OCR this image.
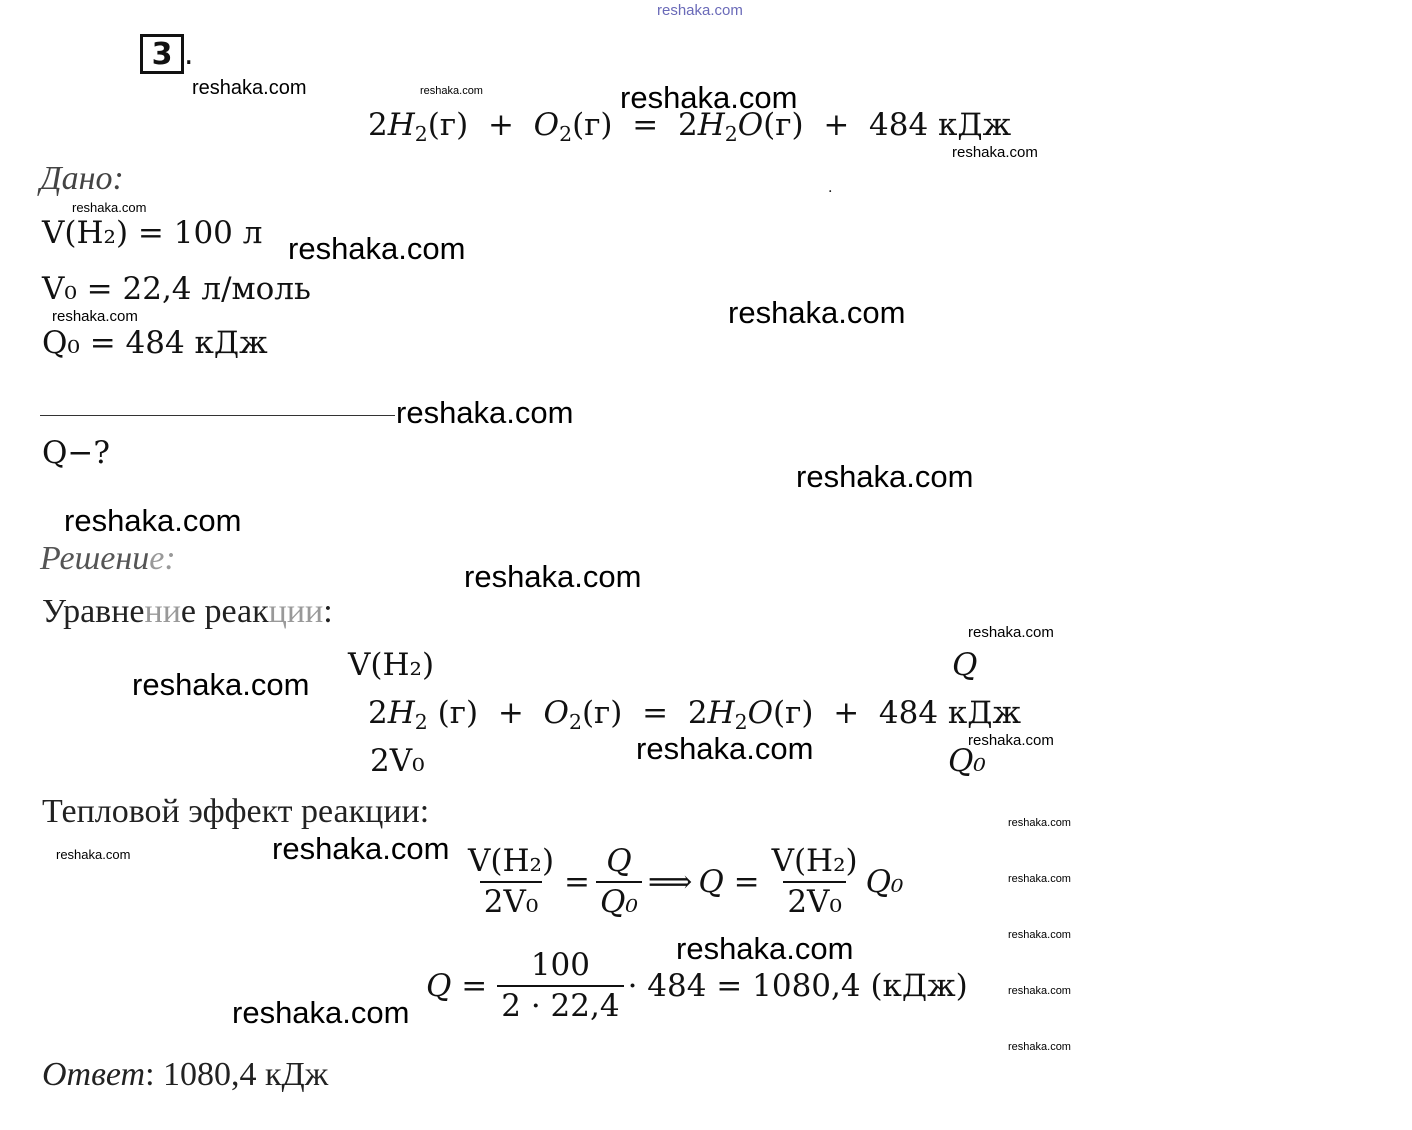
reshaka.com
3 .
reshaka.com	reshaka.com	reshaka.com
reshaka.com
$2H_2(г) + O_2(г) = 2H_2O(г) + 484$ кДж
.
Дано:
reshaka.com
V(H₂) = 100 л reshaka.com
V₀ = 22,4 л/моль
reshaka.com	reshaka.com
Q₀ = 484 кДж
reshaka.com
Q−?
reshaka.com
reshaka.com
Решение:	reshaka.com
Уравнение реакции:
reshaka.com
V(H₂)	Q
reshaka.com
$2H_2$ $(г) + O_2(г) = 2H_2O(г) + 484$ кДж
2V₀	Q₀
reshaka.com	reshaka.com
Тепловой эффект реакции:	reshaka.com
reshaka.com	reshaka.com $\frac{\text{V(H₂)}}{\text{2V₀}} = \frac{Q}{\text{Q₀}}$ ⟹ $Q = \frac{\text{V(H₂)}}{\text{2V₀}} Q_0$	reshaka.com
reshaka.com
reshaka.com
$Q = \frac{100}{2 \cdot 22,4} \cdot 484 = 1080,4$ (кДж)	reshaka.com
reshaka.com
reshaka.com
Ответ: 1080,4 кДж
